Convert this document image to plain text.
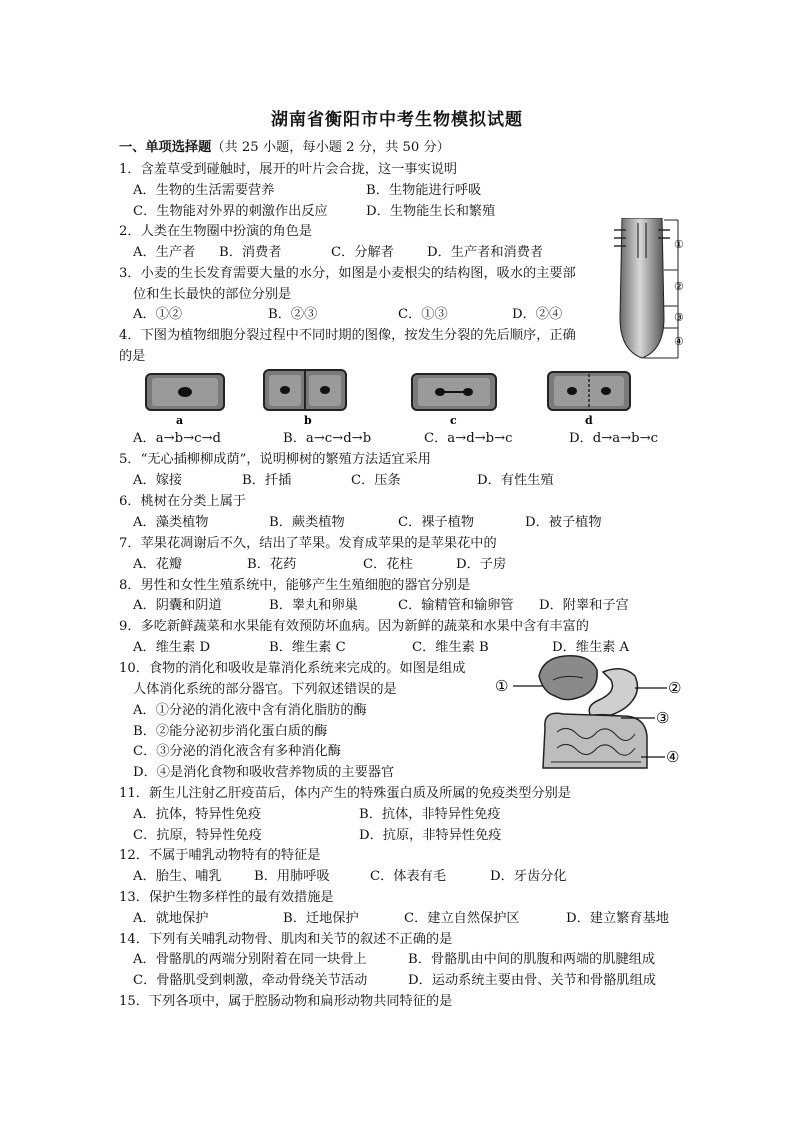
湖南省衡阳市中考生物模拟试题
一、单项选择题（共 25 小题，每小题 2 分，共 50 分）
1．含羞草受到碰触时，展开的叶片会合拢，这一事实说明
A．生物的生活需要营养	B．生物能进行呼吸
C．生物能对外界的刺激作出反应	D．生物能生长和繁殖
2．人类在生物圈中扮演的角色是
A．生产者 B．消费者	C．分解者	D．生产者和消费者
3．小麦的生长发育需要大量的水分，如图是小麦根尖的结构图，吸水的主要部
位和生长最快的部位分别是
A．①②	B．②③	C．①③	D．②④
①
②
③
④
4．下图为植物细胞分裂过程中不同时期的图像，按发生分裂的先后顺序，正确
的是
a	b	c	d
A．a→b→c→d	B．a→c→d→b	C．a→d→b→c	D．d→a→b→c
5．“无心插柳柳成荫”，说明柳树的繁殖方法适宜采用
A．嫁接	B．扦插	C．压条	D．有性生殖
6．桃树在分类上属于
A．藻类植物	B．蕨类植物	C．裸子植物	D．被子植物
7．苹果花凋谢后不久，结出了苹果。发育成苹果的是苹果花中的
A．花瓣	B．花药	C．花柱	D．子房
8．男性和女性生殖系统中，能够产生生殖细胞的器官分别是
A．阴囊和阴道	B．睾丸和卵巢	C．输精管和输卵管 D．附睾和子宫
9．多吃新鲜蔬菜和水果能有效预防坏血病。因为新鲜的蔬菜和水果中含有丰富的
A．维生素 D	B．维生素 C	C．维生素 B	D．维生素 A
10．食物的消化和吸收是靠消化系统来完成的。如图是组成
人体消化系统的部分器官。下列叙述错误的是
A．①分泌的消化液中含有消化脂肪的酶
B．②能分泌初步消化蛋白质的酶
C．③分泌的消化液含有多种消化酶
D．④是消化食物和吸收营养物质的主要器官
①	②
③
④
11．新生儿注射乙肝疫苗后，体内产生的特殊蛋白质及所属的免疫类型分别是
A．抗体，特异性免疫	B．抗体，非特异性免疫
C．抗原，特异性免疫	D．抗原，非特异性免疫
12．不属于哺乳动物特有的特征是
A．胎生、哺乳 B．用肺呼吸	C．体表有毛	D．牙齿分化
13．保护生物多样性的最有效措施是
A．就地保护	B．迁地保护	C．建立自然保护区	D．建立繁育基地
14．下列有关哺乳动物骨、肌肉和关节的叙述不正确的是
A．骨骼肌的两端分别附着在同一块骨上	B．骨骼肌由中间的肌腹和两端的肌腱组成
C．骨骼肌受到刺激，牵动骨绕关节活动	D．运动系统主要由骨、关节和骨骼肌组成
15．下列各项中，属于腔肠动物和扁形动物共同特征的是
